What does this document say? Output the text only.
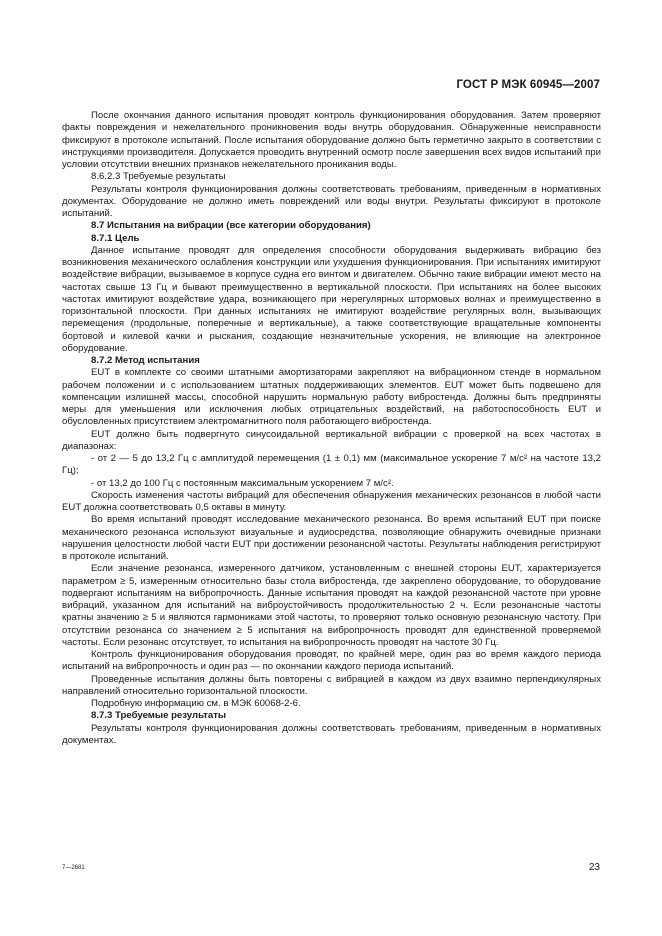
ГОСТ Р МЭК 60945—2007

После окончания данного испытания проводят контроль функционирования оборудования. Затем проверяют факты повреждения и нежелательного проникновения воды внутрь оборудования. Обнаруженные неисправности фиксируют в протоколе испытаний. После испытания оборудование должно быть герметично закрыто в соответствии с инструкциями производителя. Допускается проводить внутренний осмотр после завершения всех видов испытаний при условии отсутствии внешних признаков нежелательного проникания воды.

8.6.2.3 Требуемые результаты

Результаты контроля функционирования должны соответствовать требованиям, приведенным в нормативных документах. Оборудование не должно иметь повреждений или воды внутри. Результаты фиксируют в протоколе испытаний.

8.7 Испытания на вибрации (все категории оборудования)

8.7.1 Цель

Данное испытание проводят для определения способности оборудования выдерживать вибрацию без возникновения механического ослабления конструкции или ухудшения функционирования. При испытаниях имитируют воздействие вибрации, вызываемое в корпусе судна его винтом и двигателем. Обычно такие вибрации имеют место на частотах свыше 13 Гц и бывают преимущественно в вертикальной плоскости. При испытаниях на более высоких частотах имитируют воздействие удара, возникающего при нерегулярных штормовых волнах и преимущественно в горизонтальной плоскости. При данных испытаниях не имитируют воздействие регулярных волн, вызывающих перемещения (продольные, поперечные и вертикальные), а также соответствующие вращательные компоненты бортовой и килевой качки и рыскания, создающие незначительные ускорения, не влияющие на электронное оборудование.

8.7.2 Метод испытания

EUT в комплекте со своими штатными амортизаторами закрепляют на вибрационном стенде в нормальном рабочем положении и с использованием штатных поддерживающих элементов. EUT может быть подвешено для компенсации излишней массы, способной нарушить нормальную работу вибростенда. Должны быть предприняты меры для уменьшения или исключения любых отрицательных воздействий, на работоспособность EUT и обусловленных присутствием электромагнитного поля работающего вибростенда.

EUT должно быть подвергнуто синусоидальной вертикальной вибрации с проверкой на всех частотах в диапазонах:

- от 2 — 5 до 13,2 Гц с амплитудой перемещения (1 ± 0,1) мм (максимальное ускорение 7 м/с² на частоте 13,2 Гц);

- от 13,2 до 100 Гц с постоянным максимальным ускорением 7 м/с².

Скорость изменения частоты вибраций для обеспечения обнаружения механических резонансов в любой части EUT должна соответствовать 0,5 октавы в минуту.

Во время испытаний проводят исследование механического резонанса. Во время испытаний EUT при поиске механического резонанса используют визуальные и аудиосредства, позволяющие обнаружить очевидные признаки нарушения целостности любой части EUT при достижении резонансной частоты. Результаты наблюдения регистрируют в протоколе испытаний.

Если значение резонанса, измеренного датчиком, установленным с внешней стороны EUT, характеризуется параметром ≥ 5, измеренным относительно базы стола вибростенда, где закреплено оборудование, то оборудование подвергают испытаниям на вибропрочность. Данные испытания проводят на каждой резонансной частоте при уровне вибраций, указанном для испытаний на виброустойчивость продолжительностью 2 ч. Если резонансные частоты кратны значению ≥ 5 и являются гармониками этой частоты, то проверяют только основную резонансную частоту. При отсутствии резонанса со значением ≥ 5 испытания на вибропрочность проводят для единственной проверяемой частоты. Если резонанс отсутствует, то испытания на вибропрочность проводят на частоте 30 Гц.

Контроль функционирования оборудования проводят, по крайней мере, один раз во время каждого периода испытаний на вибропрочность и один раз — по окончании каждого периода испытаний.

Проведенные испытания должны быть повторены с вибрацией в каждом из двух взаимно перпендикулярных направлений относительно горизонтальной плоскости.

Подробную информацию см. в МЭК 60068-2-6.

8.7.3 Требуемые результаты

Результаты контроля функционирования должны соответствовать требованиям, приведенным в нормативных документах.

7—2681	23
